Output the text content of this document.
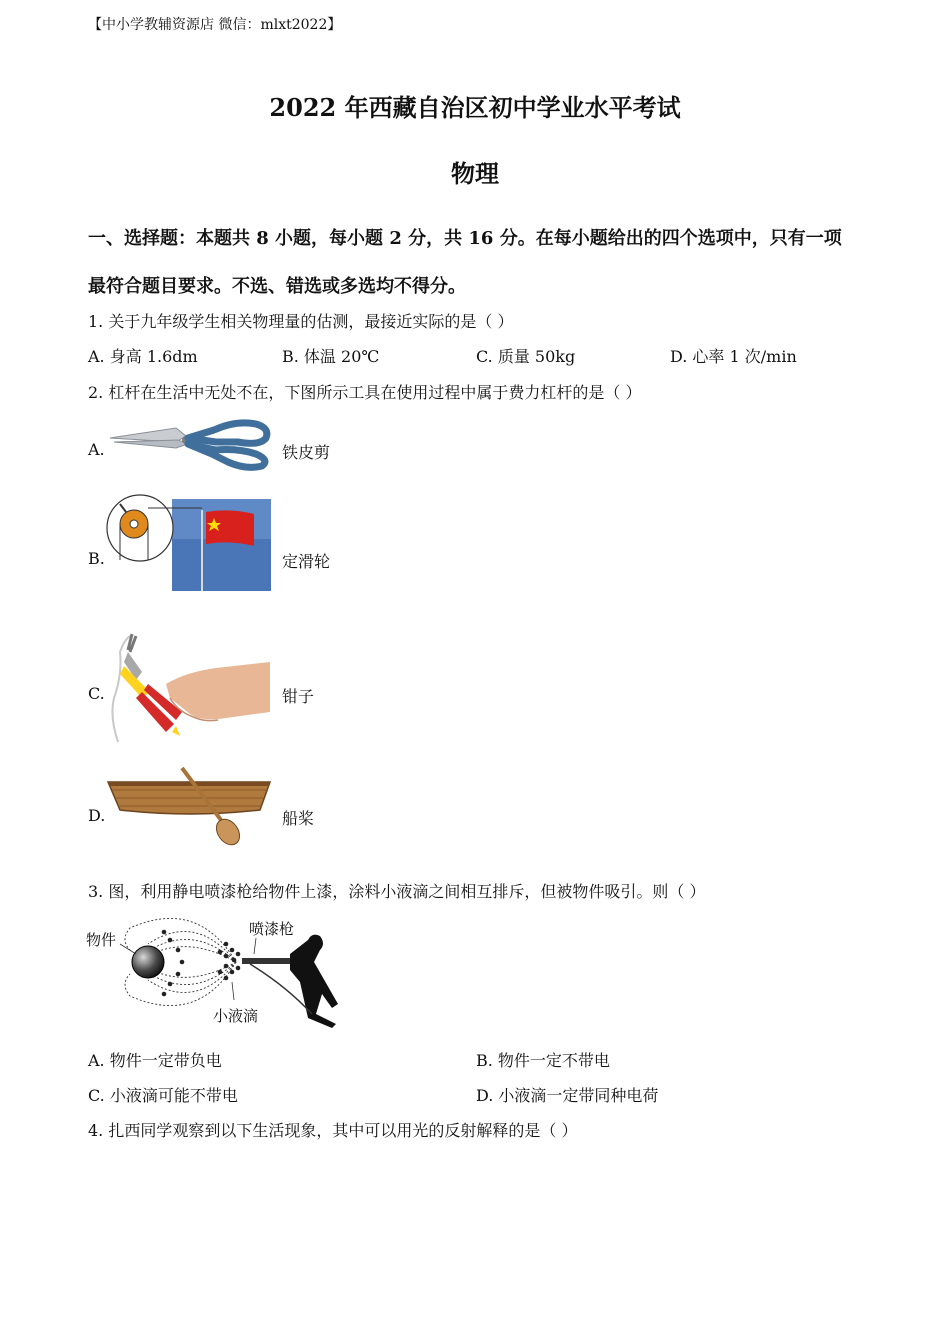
【中小学教辅资源店 微信：mlxt2022】
2022 年西藏自治区初中学业水平考试
物理
一、选择题：本题共 8 小题，每小题 2 分，共 16 分。在每小题给出的四个选项中，只有一项
最符合题目要求。不选、错选或多选均不得分。
1. 关于九年级学生相关物理量的估测，最接近实际的是（ ）
A. 身高 1.6dm	B. 体温 20℃	C. 质量 50kg	D. 心率 1 次/min
2. 杠杆在生活中无处不在，下图所示工具在使用过程中属于费力杠杆的是（ ）
A.	铁皮剪
B.	定滑轮
C.	钳子
D.	船桨
3. 图，利用静电喷漆枪给物件上漆，涂料小液滴之间相互排斥，但被物件吸引。则（ ）
+
物件
喷漆枪
小液滴
A. 物件一定带负电	B. 物件一定不带电
C. 小液滴可能不带电	D. 小液滴一定带同种电荷
4. 扎西同学观察到以下生活现象，其中可以用光的反射解释的是（ ）
